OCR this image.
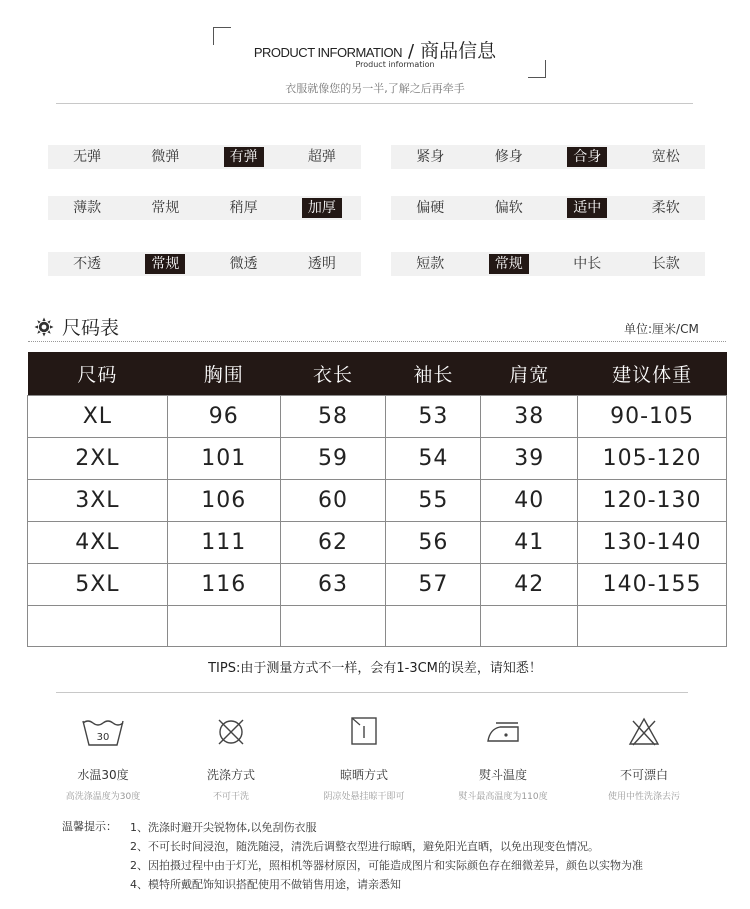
PRODUCT INFORMATION / 商品信息
Product information
衣服就像您的另一半,了解之后再牵手
无弹	微弹	有弹	超弹
薄款	常规	稍厚	加厚
不透	常规	微透	透明
紧身	修身	合身	宽松
偏硬	偏软	适中	柔软
短款	常规	中长	长款
尺码表	单位:厘米/CM
尺码	胸围	衣长	袖长	肩宽	建议体重
XL	96	58	53	38	90-105
2XL	101	59	54	39	105-120
3XL	106	60	55	40	120-130
4XL	111	62	56	41	130-140
5XL	116	63	57	42	140-155

TIPS:由于测量方式不一样，会有1-3CM的误差，请知悉！
30
水温30度
高洗涤温度为30度
洗涤方式
不可干洗
晾晒方式
阴凉处悬挂晾干即可
熨斗温度
熨斗最高温度为110度
不可漂白
使用中性洗涤去污
温馨提示： 1、洗涤时避开尖锐物体,以免刮伤衣服
2、不可长时间浸泡，随洗随浸，清洗后调整衣型进行晾晒，避免阳光直晒，以免出现变色情况。
2、因拍摄过程中由于灯光，照相机等器材原因，可能造成图片和实际颜色存在细微差异，颜色以实物为准
4、模特所戴配饰知识搭配使用不做销售用途，请亲悉知
